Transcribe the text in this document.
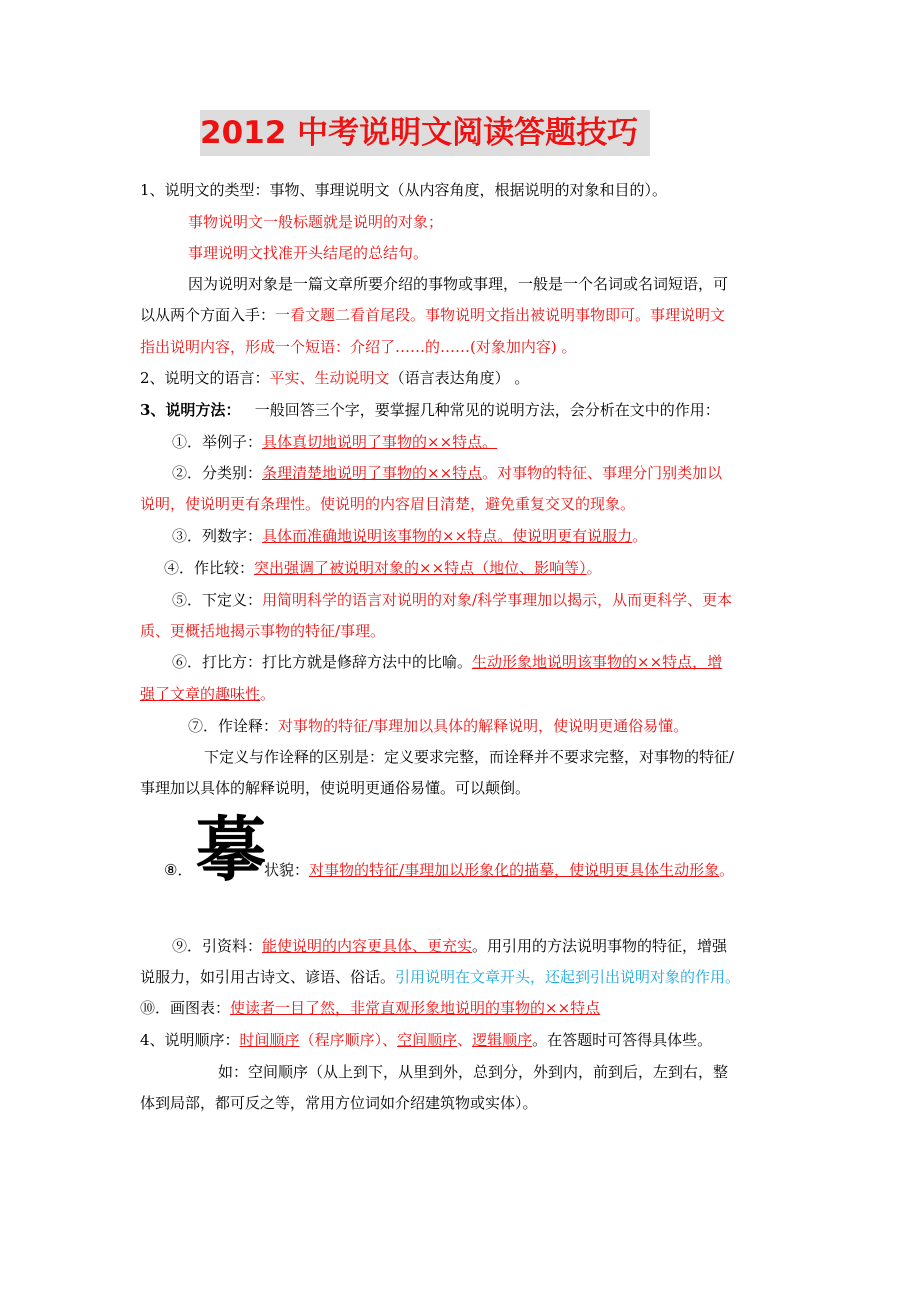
2012 中考说明文阅读答题技巧
1、说明文的类型：事物、事理说明文（从内容角度，根据说明的对象和目的）。
事物说明文一般标题就是说明的对象；
事理说明文找准开头结尾的总结句。
因为说明对象是一篇文章所要介绍的事物或事理，一般是一个名词或名词短语，可
以从两个方面入手：一看文题二看首尾段。事物说明文指出被说明事物即可。事理说明文
指出说明内容，形成一个短语：介绍了……的……(对象加内容) 。
2、说明文的语言：平实、生动说明文（语言表达角度） 。
3、说明方法： 一般回答三个字，要掌握几种常见的说明方法，会分析在文中的作用：
①．举例子：具体真切地说明了事物的××特点。
②．分类别：条理清楚地说明了事物的××特点。对事物的特征、事理分门别类加以
说明，使说明更有条理性。使说明的内容眉目清楚，避免重复交叉的现象。
③．列数字：具体而准确地说明该事物的××特点。使说明更有说服力。
④．作比较：突出强调了被说明对象的××特点（地位、影响等）。
⑤．下定义：用简明科学的语言对说明的对象/科学事理加以揭示，从而更科学、更本
质、更概括地揭示事物的特征/事理。
⑥．打比方：打比方就是修辞方法中的比喻。生动形象地说明该事物的××特点，增
强了文章的趣味性。
⑦．作诠释：对事物的特征/事理加以具体的解释说明，使说明更通俗易懂。
下定义与作诠释的区别是：定义要求完整，而诠释并不要求完整，对事物的特征/
事理加以具体的解释说明，使说明更通俗易懂。可以颠倒。
⑧． 摹
状貌：对事物的特征/事理加以形象化的描摹，使说明更具体生动形象。
⑨．引资料：能使说明的内容更具体、更充实。用引用的方法说明事物的特征，增强
说服力，如引用古诗文、谚语、俗话。引用说明在文章开头，还起到引出说明对象的作用。
⑩．画图表：使读者一目了然，非常直观形象地说明的事物的××特点
4、说明顺序：时间顺序（程序顺序）、空间顺序、逻辑顺序。在答题时可答得具体些。
如：空间顺序（从上到下，从里到外，总到分，外到内，前到后，左到右，整
体到局部，都可反之等，常用方位词如介绍建筑物或实体）。
